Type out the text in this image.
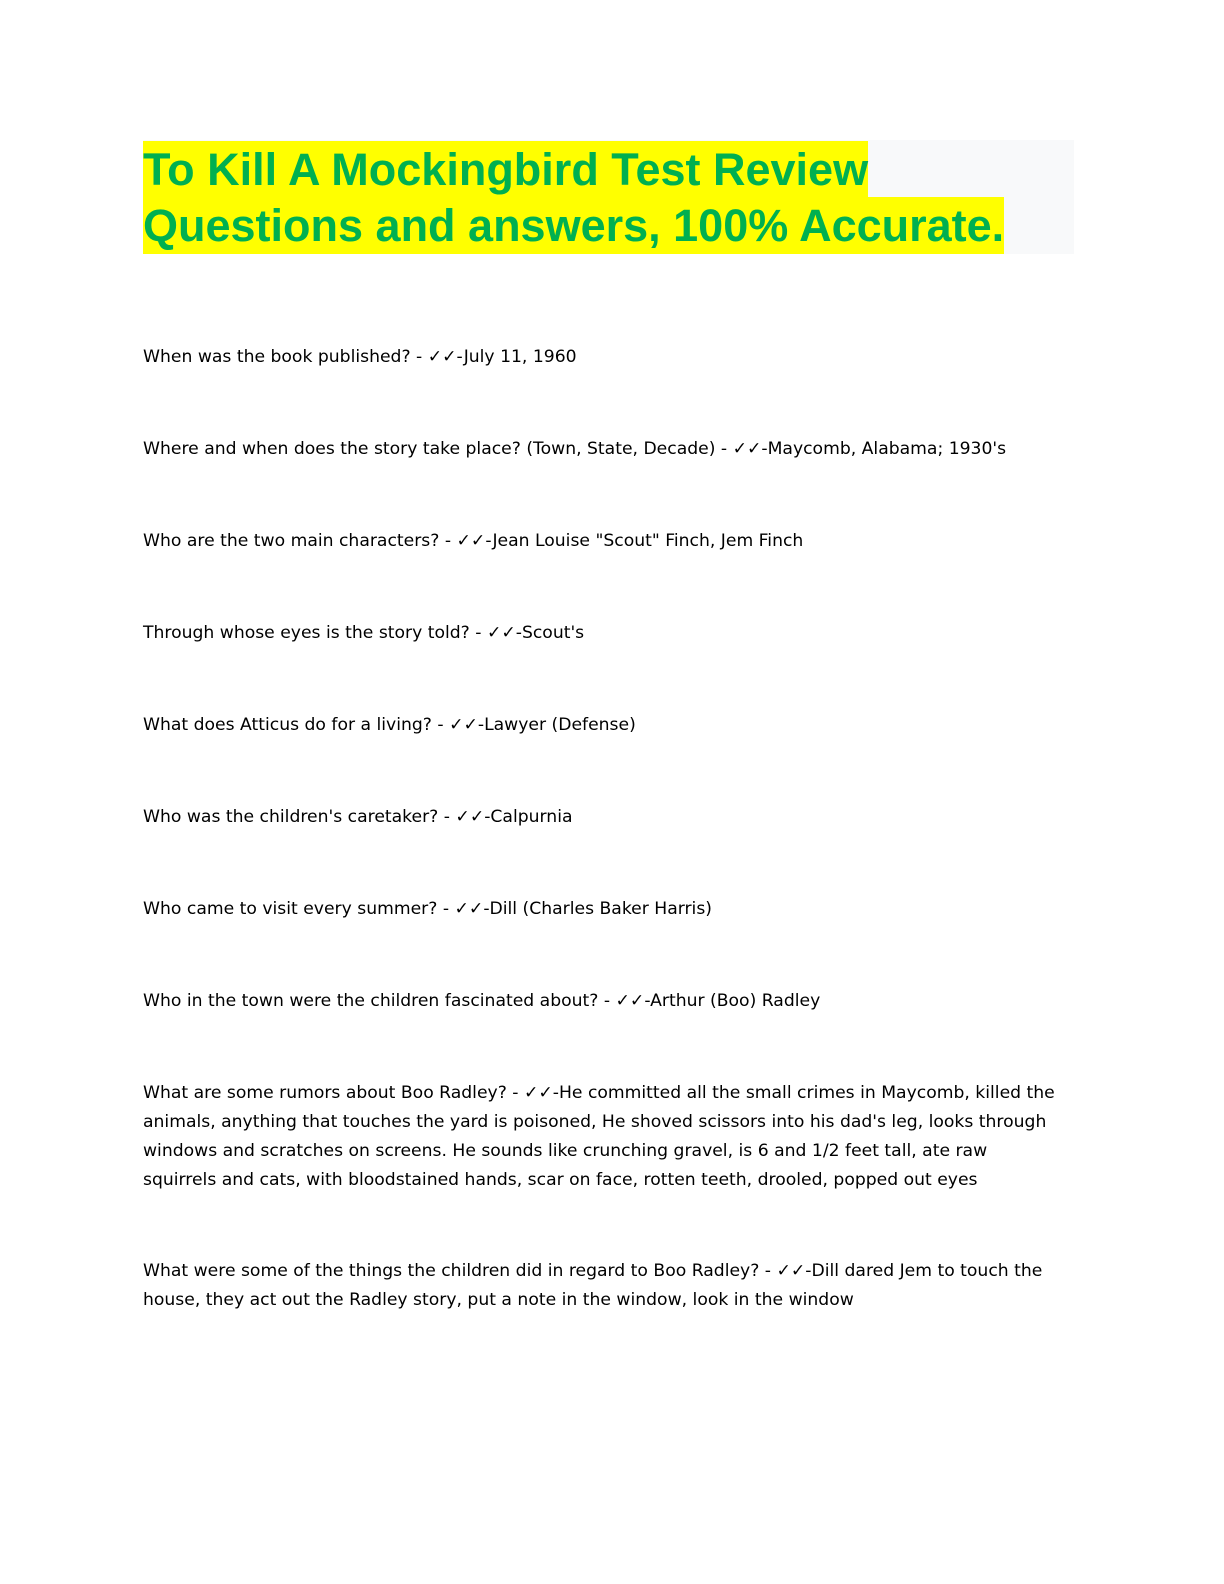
To Kill A Mockingbird Test Review
Questions and answers, 100% Accurate.
When was the book published? - ✓✓-July 11, 1960
Where and when does the story take place? (Town, State, Decade) - ✓✓-Maycomb, Alabama; 1930's
Who are the two main characters? - ✓✓-Jean Louise "Scout" Finch, Jem Finch
Through whose eyes is the story told? - ✓✓-Scout's
What does Atticus do for a living? - ✓✓-Lawyer (Defense)
Who was the children's caretaker? - ✓✓-Calpurnia
Who came to visit every summer? - ✓✓-Dill (Charles Baker Harris)
Who in the town were the children fascinated about? - ✓✓-Arthur (Boo) Radley
What are some rumors about Boo Radley? - ✓✓-He committed all the small crimes in Maycomb, killed the animals, anything that touches the yard is poisoned, He shoved scissors into his dad's leg, looks through windows and scratches on screens. He sounds like crunching gravel, is 6 and 1/2 feet tall, ate raw squirrels and cats, with bloodstained hands, scar on face, rotten teeth, drooled, popped out eyes
What were some of the things the children did in regard to Boo Radley? - ✓✓-Dill dared Jem to touch the house, they act out the Radley story, put a note in the window, look in the window
